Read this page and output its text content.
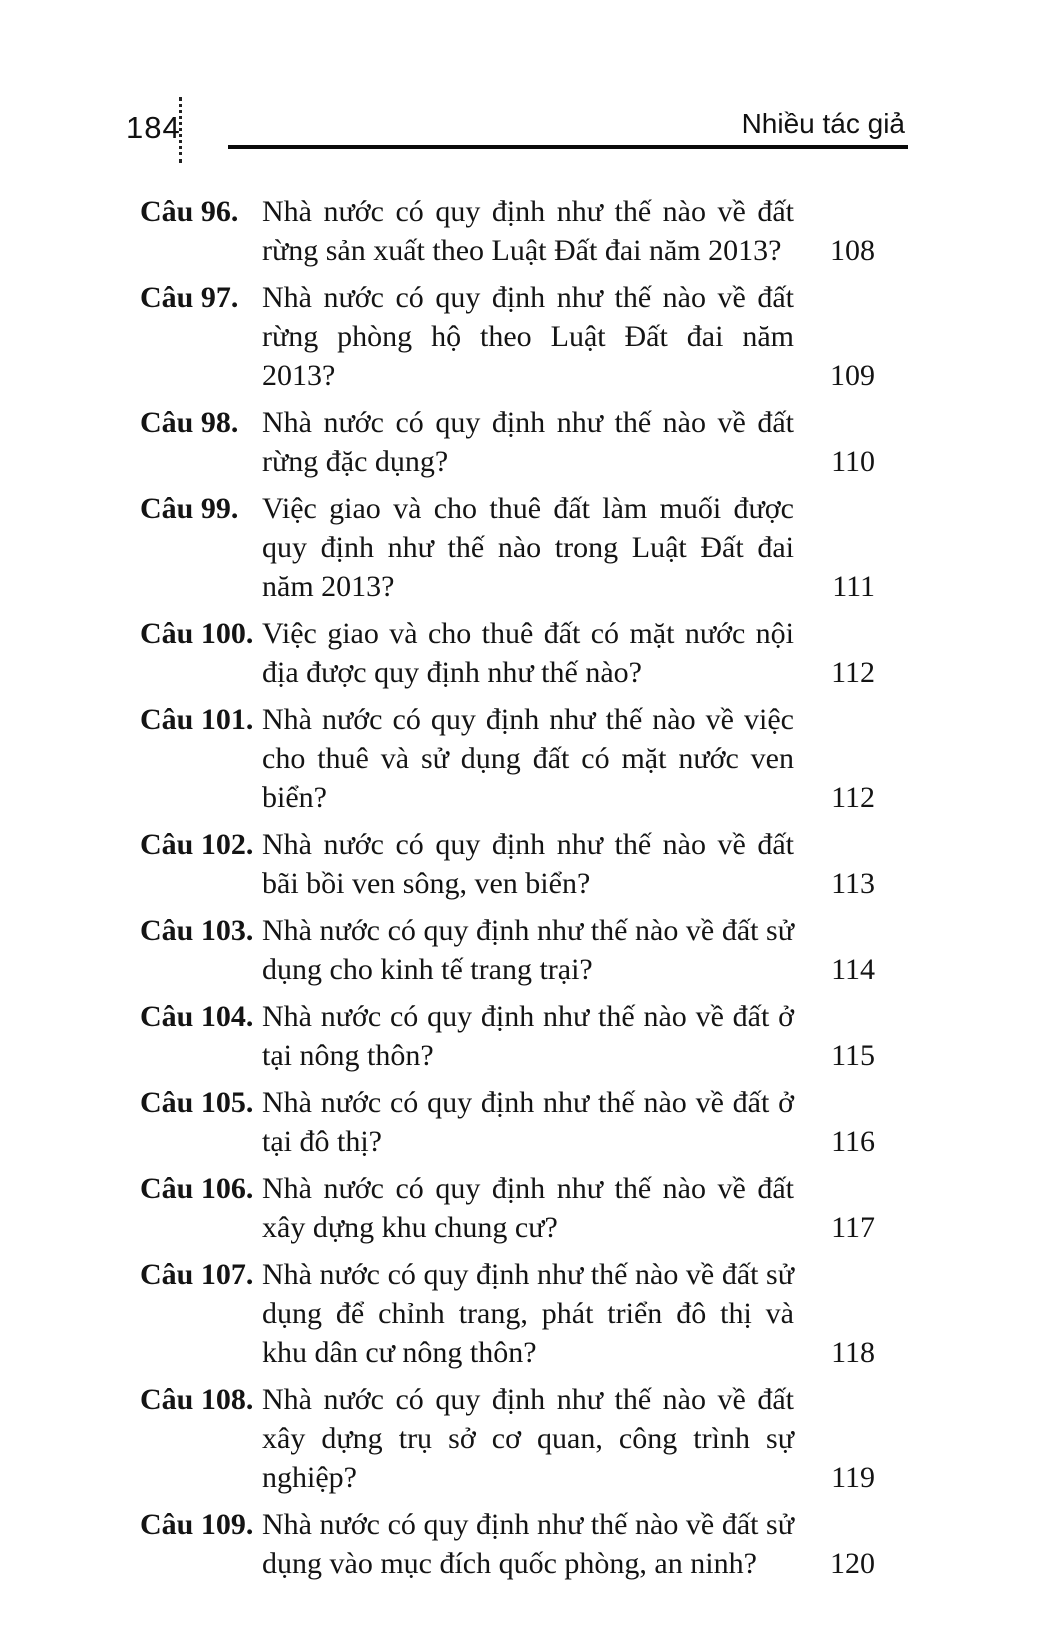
184	Nhiều tác giả
Câu 96. Nhà nước có quy định như thế nào về đất rừng sản xuất theo Luật Đất đai năm 2013?	108
Câu 97. Nhà nước có quy định như thế nào về đất rừng phòng hộ theo Luật Đất đai năm 2013?	109
Câu 98. Nhà nước có quy định như thế nào về đất rừng đặc dụng?	110
Câu 99. Việc giao và cho thuê đất làm muối được quy định như thế nào trong Luật Đất đai năm 2013?	111
Câu 100. Việc giao và cho thuê đất có mặt nước nội địa được quy định như thế nào?	112
Câu 101. Nhà nước có quy định như thế nào về việc cho thuê và sử dụng đất có mặt nước ven biển?	112
Câu 102. Nhà nước có quy định như thế nào về đất bãi bồi ven sông, ven biển?	113
Câu 103. Nhà nước có quy định như thế nào về đất sử dụng cho kinh tế trang trại?	114
Câu 104. Nhà nước có quy định như thế nào về đất ở tại nông thôn?	115
Câu 105. Nhà nước có quy định như thế nào về đất ở tại đô thị?	116
Câu 106. Nhà nước có quy định như thế nào về đất xây dựng khu chung cư?	117
Câu 107. Nhà nước có quy định như thế nào về đất sử dụng để chỉnh trang, phát triển đô thị và khu dân cư nông thôn?	118
Câu 108. Nhà nước có quy định như thế nào về đất xây dựng trụ sở cơ quan, công trình sự nghiệp?	119
Câu 109. Nhà nước có quy định như thế nào về đất sử dụng vào mục đích quốc phòng, an ninh?	120
